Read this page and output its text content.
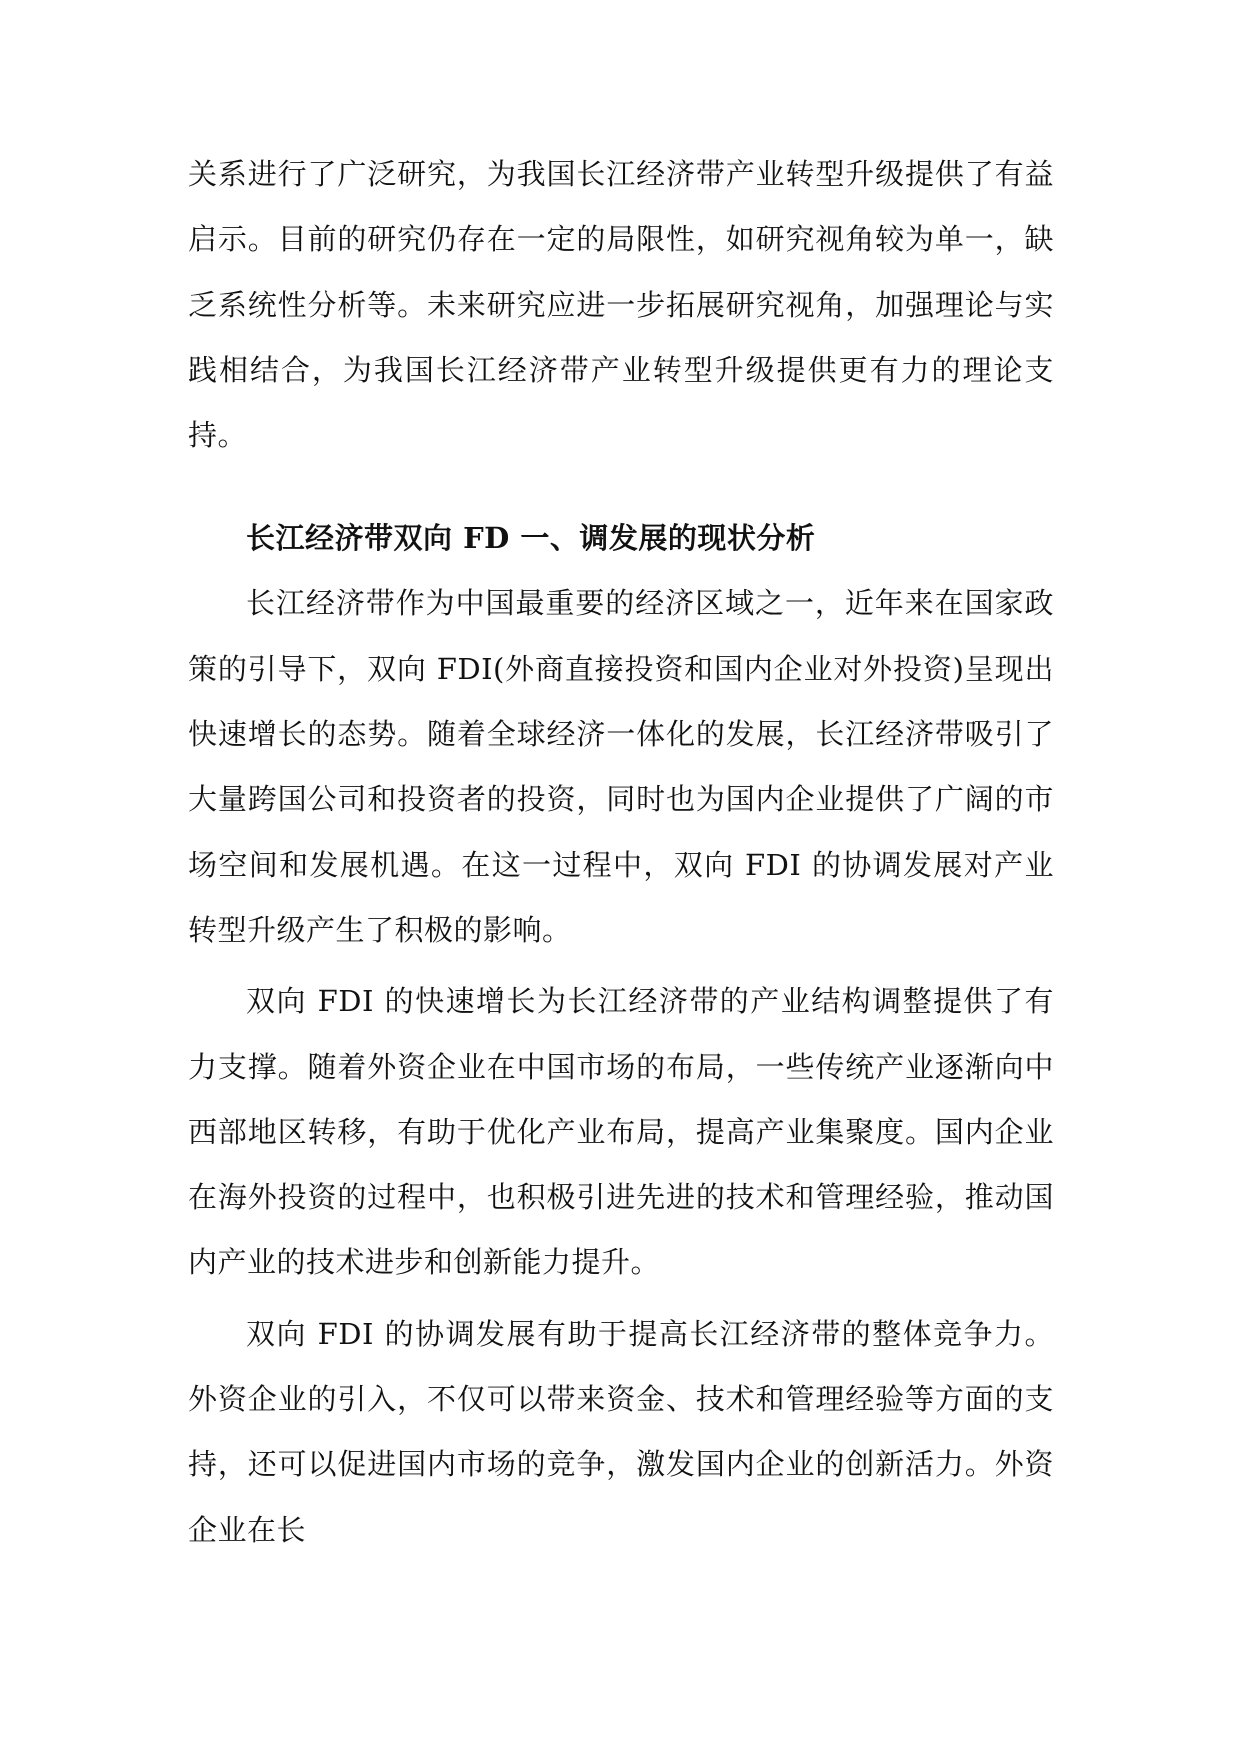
关系进行了广泛研究，为我国长江经济带产业转型升级提供了有益启示。目前的研究仍存在一定的局限性，如研究视角较为单一，缺乏系统性分析等。未来研究应进一步拓展研究视角，加强理论与实践相结合，为我国长江经济带产业转型升级提供更有力的理论支持。

长江经济带双向 FD 一、调发展的现状分析

长江经济带作为中国最重要的经济区域之一，近年来在国家政策的引导下，双向 FDI(外商直接投资和国内企业对外投资)呈现出快速增长的态势。随着全球经济一体化的发展，长江经济带吸引了大量跨国公司和投资者的投资，同时也为国内企业提供了广阔的市场空间和发展机遇。在这一过程中，双向 FDI 的协调发展对产业转型升级产生了积极的影响。

双向 FDI 的快速增长为长江经济带的产业结构调整提供了有力支撑。随着外资企业在中国市场的布局，一些传统产业逐渐向中西部地区转移，有助于优化产业布局，提高产业集聚度。国内企业在海外投资的过程中，也积极引进先进的技术和管理经验，推动国内产业的技术进步和创新能力提升。

双向 FDI 的协调发展有助于提高长江经济带的整体竞争力。外资企业的引入，不仅可以带来资金、技术和管理经验等方面的支持，还可以促进国内市场的竞争，激发国内企业的创新活力。外资企业在长
